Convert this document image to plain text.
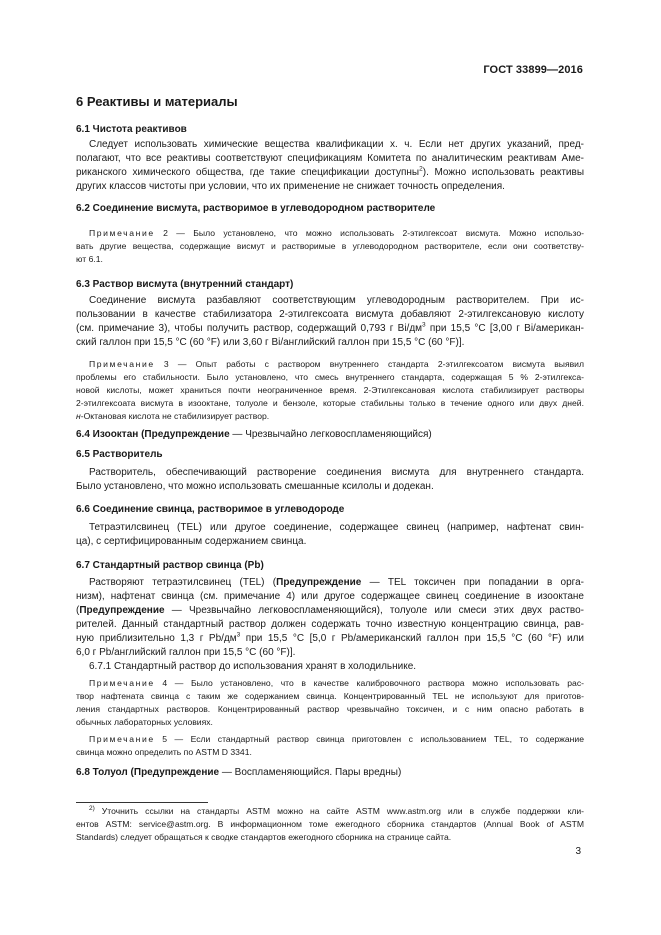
ГОСТ 33899—2016
6 Реактивы и материалы
6.1 Чистота реактивов
Следует использовать химические вещества квалификации х. ч. Если нет других указаний, пред-
полагают, что все реактивы соответствуют спецификациям Комитета по аналитическим реактивам Аме-
риканского химического общества, где такие спецификации доступны$^2$). Можно использовать реактивы
других классов чистоты при условии, что их применение не снижает точность определения.
6.2 Соединение висмута, растворимое в углеводородном растворителе
Примечание 2 — Было установлено, что можно использовать 2-этилгексоат висмута. Можно использо-
вать другие вещества, содержащие висмут и растворимые в углеводородном растворителе, если они соответству-
ют 6.1.
6.3 Раствор висмута (внутренний стандарт)
Соединение висмута разбавляют соответствующим углеводородным растворителем. При ис-
пользовании в качестве стабилизатора 2-этилгексоата висмута добавляют 2-этилгексановую кислоту
(см. примечание 3), чтобы получить раствор, содержащий 0,793 г $Bi/дм^3$ при 15,5 °С [3,00 г Bi/американ-
ский галлон при 15,5 °С (60 °F) или 3,60 г Bi/английский галлон при 15,5 °С (60 °F)].
Примечание 3 — Опыт работы с раствором внутреннего стандарта 2-этилгексоатом висмута выявил
проблемы его стабильности. Было установлено, что смесь внутреннего стандарта, содержащая 5 % 2-этилгекса-
новой кислоты, может храниться почти неограниченное время. 2-Этилгексановая кислота стабилизирует растворы
2-этилгексоата висмута в изооктане, толуоле и бензоле, которые стабильны только в течение одного или двух дней.
н-Октановая кислота не стабилизирует раствор.
6.4 Изооктан (Предупреждение — Чрезвычайно легковоспламеняющийся)
6.5 Растворитель
Растворитель, обеспечивающий растворение соединения висмута для внутреннего стандарта.
Было установлено, что можно использовать смешанные ксилолы и додекан.
6.6 Соединение свинца, растворимое в углеводороде
Тетраэтилсвинец (TEL) или другое соединение, содержащее свинец (например, нафтенат свин-
ца), с сертифицированным содержанием свинца.
6.7 Стандартный раствор свинца (Pb)
Растворяют тетраэтилсвинец (TEL) (Предупреждение — TEL токсичен при попадании в орга-
низм), нафтенат свинца (см. примечание 4) или другое содержащее свинец соединение в изооктане
(Предупреждение — Чрезвычайно легковоспламеняющийся), толуоле или смеси этих двух раство-
рителей. Данный стандартный раствор должен содержать точно известную концентрацию свинца, рав-
ную приблизительно 1,3 г $Pb/дм^3$ при 15,5 °С [5,0 г Pb/американский галлон при 15,5 °С (60 °F) или
6,0 г Pb/английский галлон при 15,5 °С (60 °F)].
6.7.1 Стандартный раствор до использования хранят в холодильнике.
Примечание 4 — Было установлено, что в качестве калибровочного раствора можно использовать рас-
твор нафтената свинца с таким же содержанием свинца. Концентрированный TEL не используют для приготов-
ления стандартных растворов. Концентрированный раствор чрезвычайно токсичен, и с ним опасно работать в
обычных лабораторных условиях.
Примечание 5 — Если стандартный раствор свинца приготовлен с использованием TEL, то содержание
свинца можно определить по ASTM D 3341.
6.8 Толуол (Предупреждение — Воспламеняющийся. Пары вредны)
$^{2)}$ Уточнить ссылки на стандарты ASTM можно на сайте ASTM www.astm.org или в службе поддержки кли-
ентов ASTM: service@astm.org. В информационном томе ежегодного сборника стандартов (Annual Book of ASTM
Standards) следует обращаться к сводке стандартов ежегодного сборника на странице сайта.
3
